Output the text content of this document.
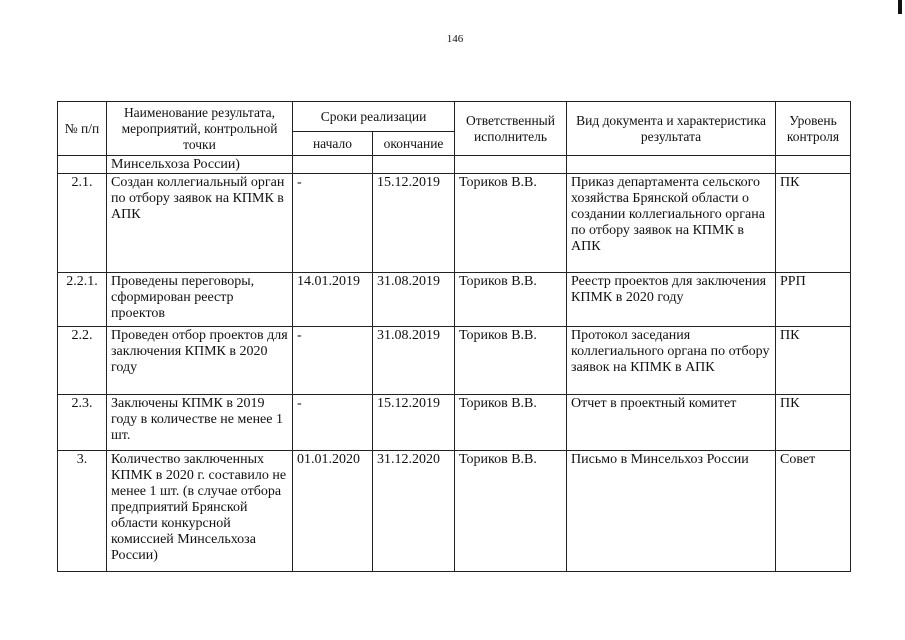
146
№ п/п	Наименование результата, мероприятий, контрольной точки	Сроки реализации		Ответственный исполнитель	Вид документа и характеристика результата	Уровень контроля
		начало	окончание			
	Минсельхоза России)					
2.1.	Создан коллегиальный орган по отбору заявок на КПМК в АПК	-	15.12.2019	Ториков В.В.	Приказ департамента сельского хозяйства Брянской области о создании коллегиального органа по отбору заявок на КПМК в АПК	ПК
2.2.1.	Проведены переговоры, сформирован реестр проектов	14.01.2019	31.08.2019	Ториков В.В.	Реестр проектов для заключения КПМК в 2020 году	РРП
2.2.	Проведен отбор проектов для заключения КПМК в 2020 году	-	31.08.2019	Ториков В.В.	Протокол заседания коллегиального органа по отбору заявок на КПМК в АПК	ПК
2.3.	Заключены КПМК в 2019 году в количестве не менее 1 шт.	-	15.12.2019	Ториков В.В.	Отчет в проектный комитет	ПК
3.	Количество заключенных КПМК в 2020 г. составило не менее 1 шт. (в случае отбора предприятий Брянской области конкурсной комиссией Минсельхоза России)	01.01.2020	31.12.2020	Ториков В.В.	Письмо в Минсельхоз России	Совет
